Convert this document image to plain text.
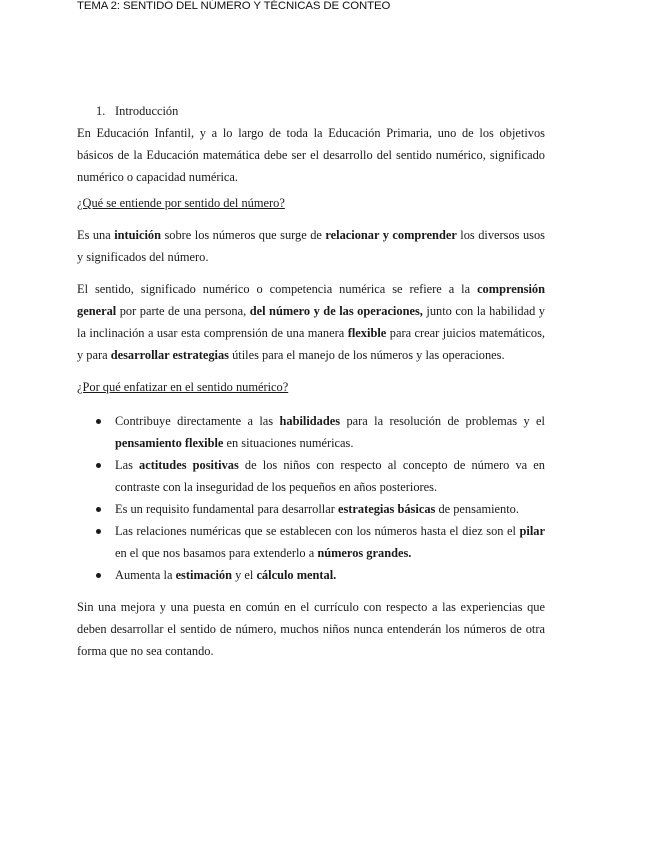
TEMA 2: SENTIDO DEL NÚMERO Y TÉCNICAS DE CONTEO

1. Introducción

En Educación Infantil, y a lo largo de toda la Educación Primaria, uno de los objetivos básicos de la Educación matemática debe ser el desarrollo del sentido numérico, significado numérico o capacidad numérica.

¿Qué se entiende por sentido del número?

Es una intuición sobre los números que surge de relacionar y comprender los diversos usos y significados del número.

El sentido, significado numérico o competencia numérica se refiere a la comprensión general por parte de una persona, del número y de las operaciones, junto con la habilidad y la inclinación a usar esta comprensión de una manera flexible para crear juicios matemáticos, y para desarrollar estrategias útiles para el manejo de los números y las operaciones.

¿Por qué enfatizar en el sentido numérico?

Contribuye directamente a las habilidades para la resolución de problemas y el pensamiento flexible en situaciones numéricas.
Las actitudes positivas de los niños con respecto al concepto de número va en contraste con la inseguridad de los pequeños en años posteriores.
Es un requisito fundamental para desarrollar estrategias básicas de pensamiento.
Las relaciones numéricas que se establecen con los números hasta el diez son el pilar en el que nos basamos para extenderlo a números grandes.
Aumenta la estimación y el cálculo mental.

Sin una mejora y una puesta en común en el currículo con respecto a las experiencias que deben desarrollar el sentido de número, muchos niños nunca entenderán los números de otra forma que no sea contando.
